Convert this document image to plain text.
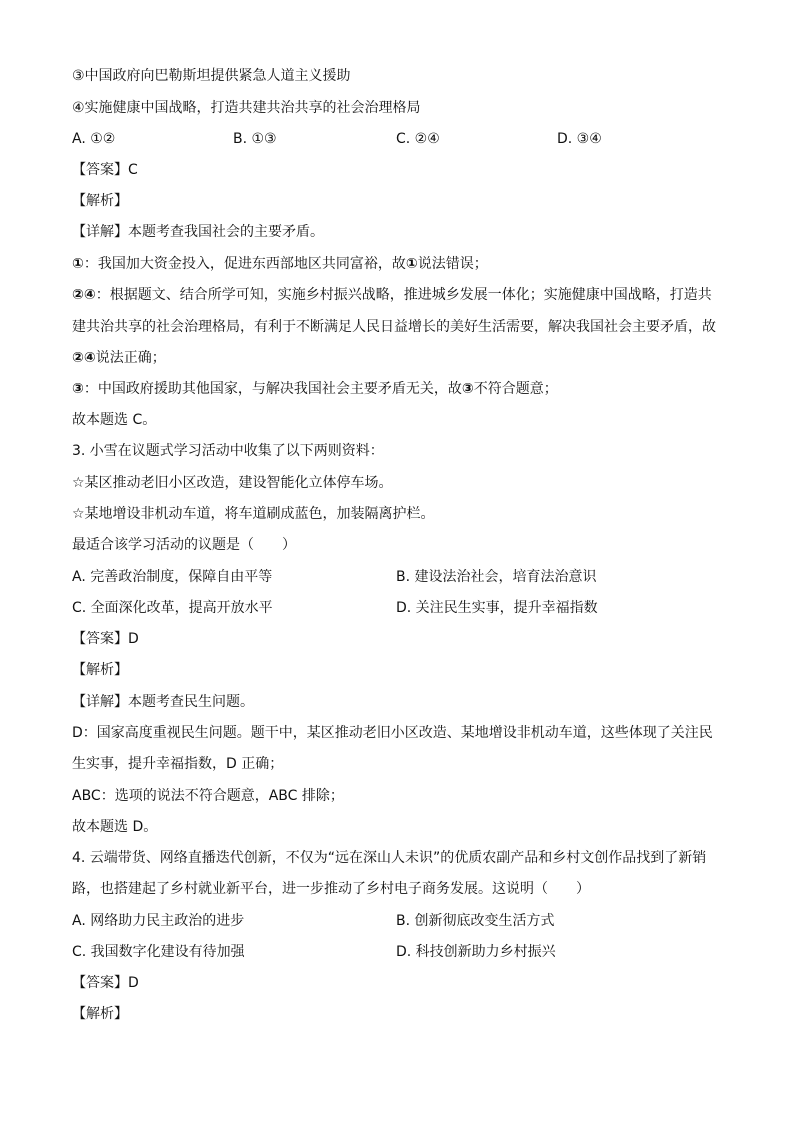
③中国政府向巴勒斯坦提供紧急人道主义援助
④实施健康中国战略，打造共建共治共享的社会治理格局
A. ①②	B. ①③	C. ②④	D. ③④
【答案】C
【解析】
【详解】本题考查我国社会的主要矛盾。
①：我国加大资金投入，促进东西部地区共同富裕，故①说法错误；
②④：根据题文、结合所学可知，实施乡村振兴战略，推进城乡发展一体化；实施健康中国战略，打造共
建共治共享的社会治理格局，有利于不断满足人民日益增长的美好生活需要，解决我国社会主要矛盾，故
②④说法正确；
③：中国政府援助其他国家，与解决我国社会主要矛盾无关，故③不符合题意；
故本题选 C。
3. 小雪在议题式学习活动中收集了以下两则资料：
☆某区推动老旧小区改造，建设智能化立体停车场。
☆某地增设非机动车道，将车道刷成蓝色，加装隔离护栏。
最适合该学习活动的议题是（　　）
A. 完善政治制度，保障自由平等	B. 建设法治社会，培育法治意识
C. 全面深化改革，提高开放水平	D. 关注民生实事，提升幸福指数
【答案】D
【解析】
【详解】本题考查民生问题。
D：国家高度重视民生问题。题干中，某区推动老旧小区改造、某地增设非机动车道，这些体现了关注民
生实事，提升幸福指数，D 正确；
ABC：选项的说法不符合题意，ABC 排除；
故本题选 D。
4. 云端带货、网络直播迭代创新，不仅为“远在深山人未识”的优质农副产品和乡村文创作品找到了新销
路，也搭建起了乡村就业新平台，进一步推动了乡村电子商务发展。这说明（　　）
A. 网络助力民主政治的进步	B. 创新彻底改变生活方式
C. 我国数字化建设有待加强	D. 科技创新助力乡村振兴
【答案】D
【解析】
